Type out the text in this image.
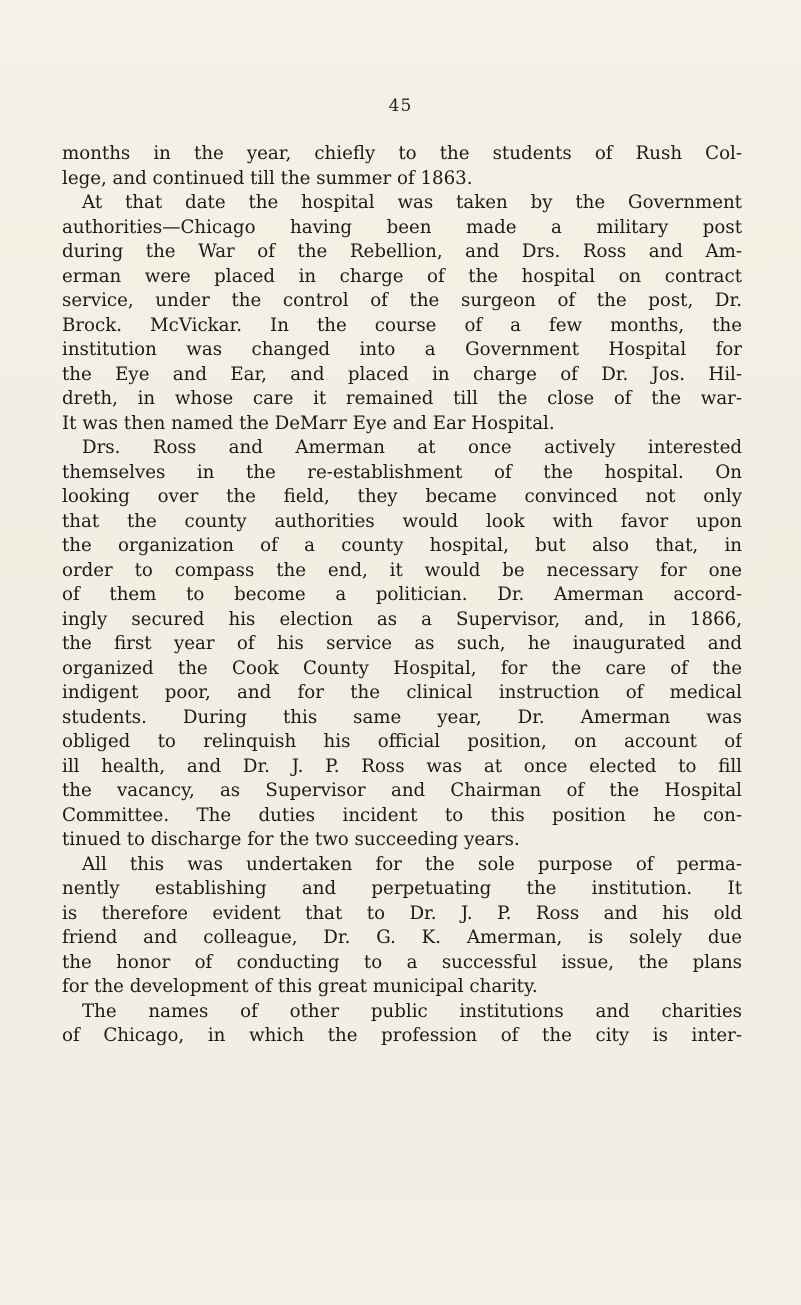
45
months in the year, chiefly to the students of Rush Col-
lege, and continued till the summer of 1863.
At that date the hospital was taken by the Government
authorities—Chicago having been made a military post
during the War of the Rebellion, and Drs. Ross and Am-
erman were placed in charge of the hospital on contract
service, under the control of the surgeon of the post, Dr.
Brock. McVickar. In the course of a few months, the
institution was changed into a Government Hospital for
the Eye and Ear, and placed in charge of Dr. Jos. Hil-
dreth, in whose care it remained till the close of the war-
It was then named the DeMarr Eye and Ear Hospital.
Drs. Ross and Amerman at once actively interested
themselves in the re-establishment of the hospital. On
looking over the field, they became convinced not only
that the county authorities would look with favor upon
the organization of a county hospital, but also that, in
order to compass the end, it would be necessary for one
of them to become a politician. Dr. Amerman accord-
ingly secured his election as a Supervisor, and, in 1866,
the first year of his service as such, he inaugurated and
organized the Cook County Hospital, for the care of the
indigent poor, and for the clinical instruction of medical
students. During this same year, Dr. Amerman was
obliged to relinquish his official position, on account of
ill health, and Dr. J. P. Ross was at once elected to fill
the vacancy, as Supervisor and Chairman of the Hospital
Committee. The duties incident to this position he con-
tinued to discharge for the two succeeding years.
All this was undertaken for the sole purpose of perma-
nently establishing and perpetuating the institution. It
is therefore evident that to Dr. J. P. Ross and his old
friend and colleague, Dr. G. K. Amerman, is solely due
the honor of conducting to a successful issue, the plans
for the development of this great municipal charity.
The names of other public institutions and charities
of Chicago, in which the profession of the city is inter-
